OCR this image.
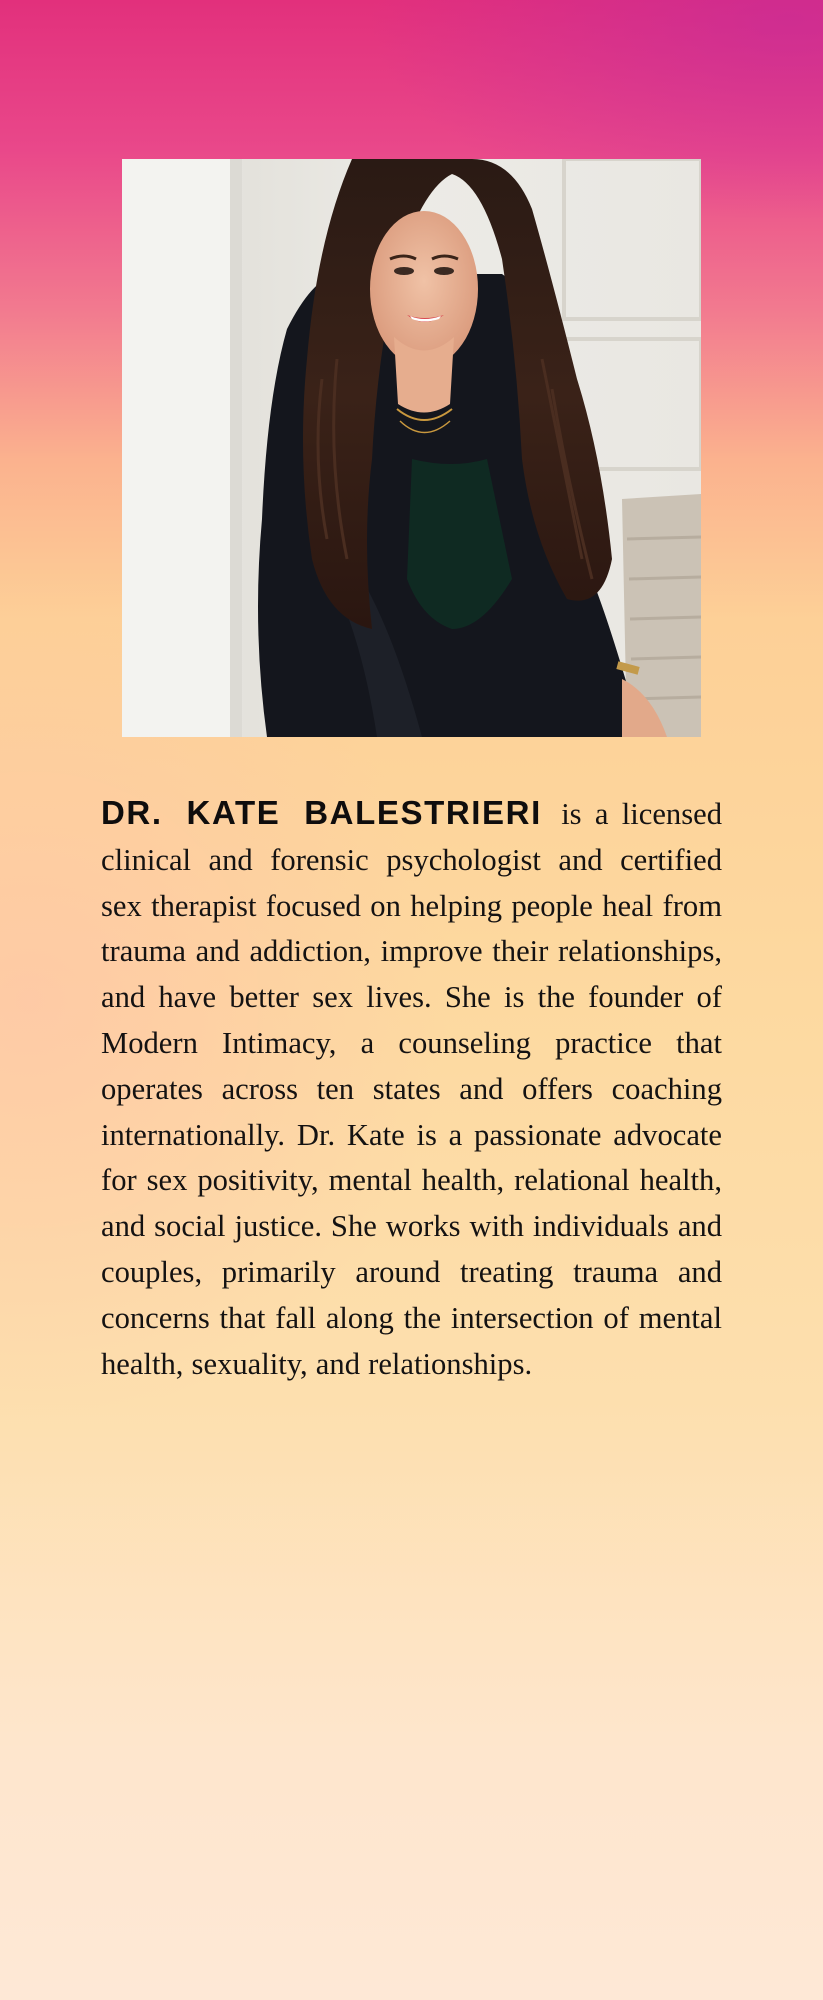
DR. KATE BALESTRIERI is a licensed clinical and forensic psychologist and certified sex therapist focused on helping people heal from trauma and addiction, improve their relationships, and have better sex lives. She is the founder of Modern Intimacy, a counseling practice that operates across ten states and offers coaching internationally. Dr. Kate is a passionate advocate for sex positivity, mental health, relational health, and social justice. She works with individuals and couples, primarily around treating trauma and concerns that fall along the intersection of mental health, sexuality, and relationships.
